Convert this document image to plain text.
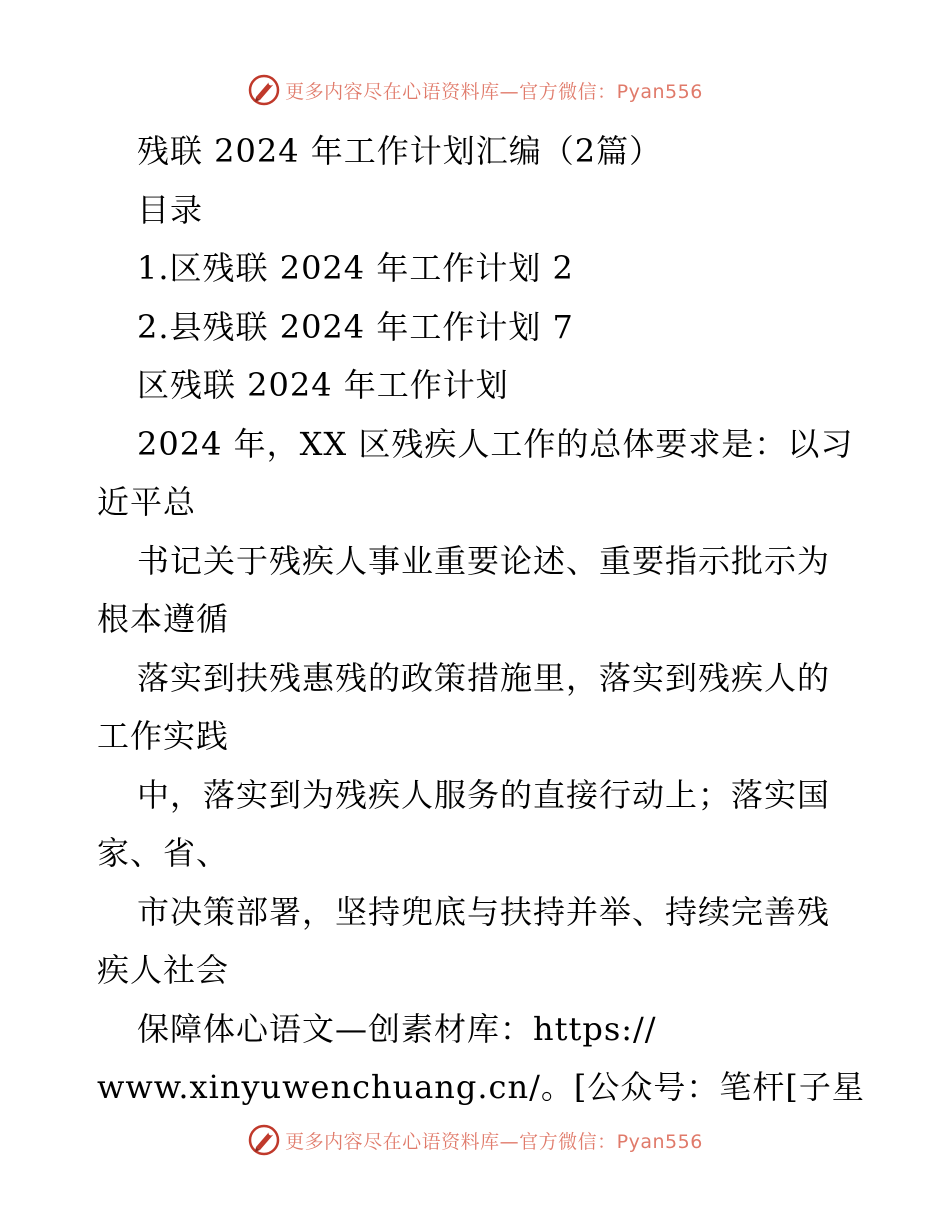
更多内容尽在心语资料库—官方微信：Pyan556
残联 2024 年工作计划汇编（2篇）
目录
1.区残联 2024 年工作计划 2
2.县残联 2024 年工作计划 7
区残联 2024 年工作计划
2024 年，XX 区残疾人工作的总体要求是：以习
近平总
书记关于残疾人事业重要论述、重要指示批示为
根本遵循
落实到扶残惠残的政策措施里，落实到残疾人的
工作实践
中，落实到为残疾人服务的直接行动上；落实国
家、省、
市决策部署，坚持兜底与扶持并举、持续完善残
疾人社会
保障体心语文—创素材库：https://
www.xinyuwenchuang.cn/。[公众号：笔杆[子星
更多内容尽在心语资料库—官方微信：Pyan556
